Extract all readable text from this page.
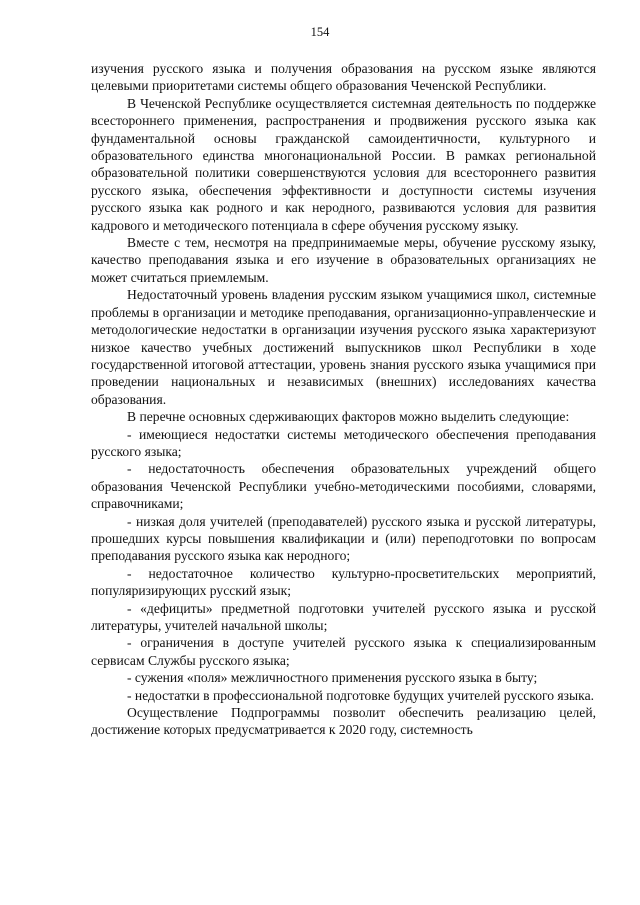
154

изучения русского языка и получения образования на русском языке являются целевыми приоритетами системы общего образования Чеченской Республики.

В Чеченской Республике осуществляется системная деятельность по поддержке всестороннего применения, распространения и продвижения русского языка как фундаментальной основы гражданской самоидентичности, культурного и образовательного единства многонациональной России. В рамках региональной образовательной политики совершенствуются условия для всестороннего развития русского языка, обеспечения эффективности и доступности системы изучения русского языка как родного и как неродного, развиваются условия для развития кадрового и методического потенциала в сфере обучения русскому языку.

Вместе с тем, несмотря на предпринимаемые меры, обучение русскому языку, качество преподавания языка и его изучение в образовательных организациях не может считаться приемлемым.

Недостаточный уровень владения русским языком учащимися школ, системные проблемы в организации и методике преподавания, организационно-управленческие и методологические недостатки в организации изучения русского языка характеризуют низкое качество учебных достижений выпускников школ Республики в ходе государственной итоговой аттестации, уровень знания русского языка учащимися при проведении национальных и независимых (внешних) исследованиях качества образования.

В перечне основных сдерживающих факторов можно выделить следующие:

- имеющиеся недостатки системы методического обеспечения преподавания русского языка;

- недостаточность обеспечения образовательных учреждений общего образования Чеченской Республики учебно-методическими пособиями, словарями, справочниками;

- низкая доля учителей (преподавателей) русского языка и русской литературы, прошедших курсы повышения квалификации и (или) переподготовки по вопросам преподавания русского языка как неродного;

- недостаточное количество культурно-просветительских мероприятий, популяризирующих русский язык;

- «дефициты» предметной подготовки учителей русского языка и русской литературы, учителей начальной школы;

- ограничения в доступе учителей русского языка к специализированным сервисам Службы русского языка;

- сужения «поля» межличностного применения русского языка в быту;

- недостатки в профессиональной подготовке будущих учителей русского языка.

Осуществление Подпрограммы позволит обеспечить реализацию целей, достижение которых предусматривается к 2020 году, системность
